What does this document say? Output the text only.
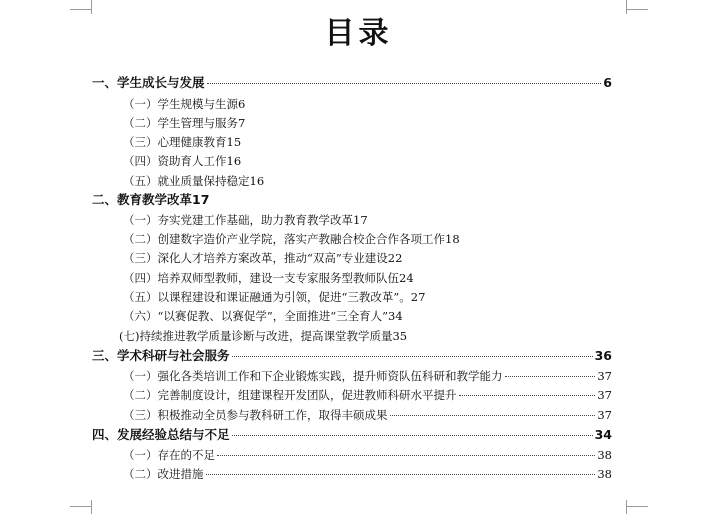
目录
一、学生成长与发展	6
（一）学生规模与生源 6
（二）学生管理与服务 7
（三）心理健康教育 15
（四）资助育人工作 16
（五）就业质量保持稳定 16
二、教育教学改革 17
（一）夯实党建工作基础，助力教育教学改革 17
（二）创建数字造价产业学院，落实产教融合校企合作各项工作 18
（三）深化人才培养方案改革，推动“双高”专业建设 22
（四）培养双师型教师，建设一支专家服务型教师队伍 24
（五）以课程建设和课证融通为引领，促进“三教改革”。 27
（六）“以赛促教、以赛促学”，全面推进“三全育人” 34
(七)持续推进教学质量诊断与改进，提高课堂教学质量 35
三、学术科研与社会服务	36
（一）强化各类培训工作和下企业锻炼实践，提升师资队伍科研和教学能力	37
（二）完善制度设计，组建课程开发团队，促进教师科研水平提升	37
（三）积极推动全员参与教科研工作，取得丰硕成果	37
四、发展经验总结与不足	34
（一）存在的不足	38
（二）改进措施	38
